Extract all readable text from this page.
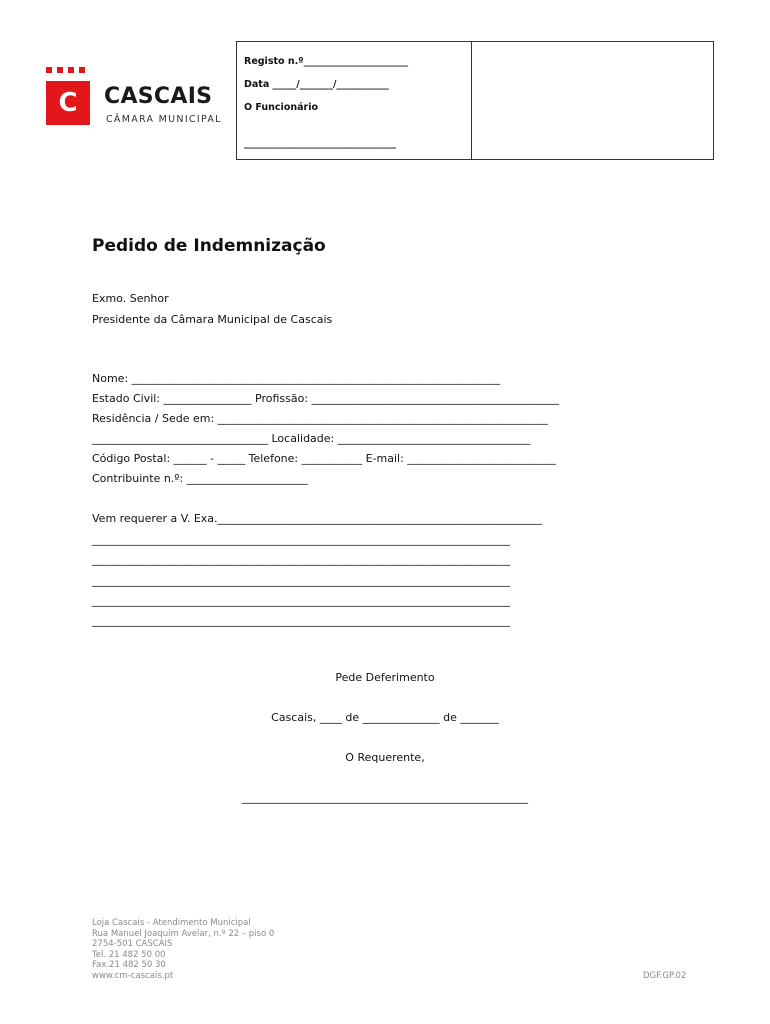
C CASCAIS
CÂMARA MUNICIPAL
Registo n.º______________________
Data _____/_______/___________
O Funcionário
________________________________
Pedido de Indemnização
Exmo. Senhor
Presidente da Câmara Municipal de Cascais
Nome: ___________________________________________________________________
Estado Civil: ________________ Profissão: _____________________________________________
Residência / Sede em: ____________________________________________________________
________________________________ Localidade: ___________________________________
Código Postal: ______ - _____ Telefone: ___________ E-mail: ___________________________
Contribuinte n.º: ______________________
Vem requerer a V. Exa.___________________________________________________________
____________________________________________________________________________
____________________________________________________________________________
____________________________________________________________________________
____________________________________________________________________________
____________________________________________________________________________
Pede Deferimento
Cascais, ____ de ______________ de _______
O Requerente,
____________________________________________________
Loja Cascais - Atendimento Municipal
Rua Manuel Joaquim Avelar, n.º 22 – piso 0
2754-501 CASCAIS
Tel. 21 482 50 00
Fax.21 482 50 30
www.cm-cascais.pt	DGF.GP.02
